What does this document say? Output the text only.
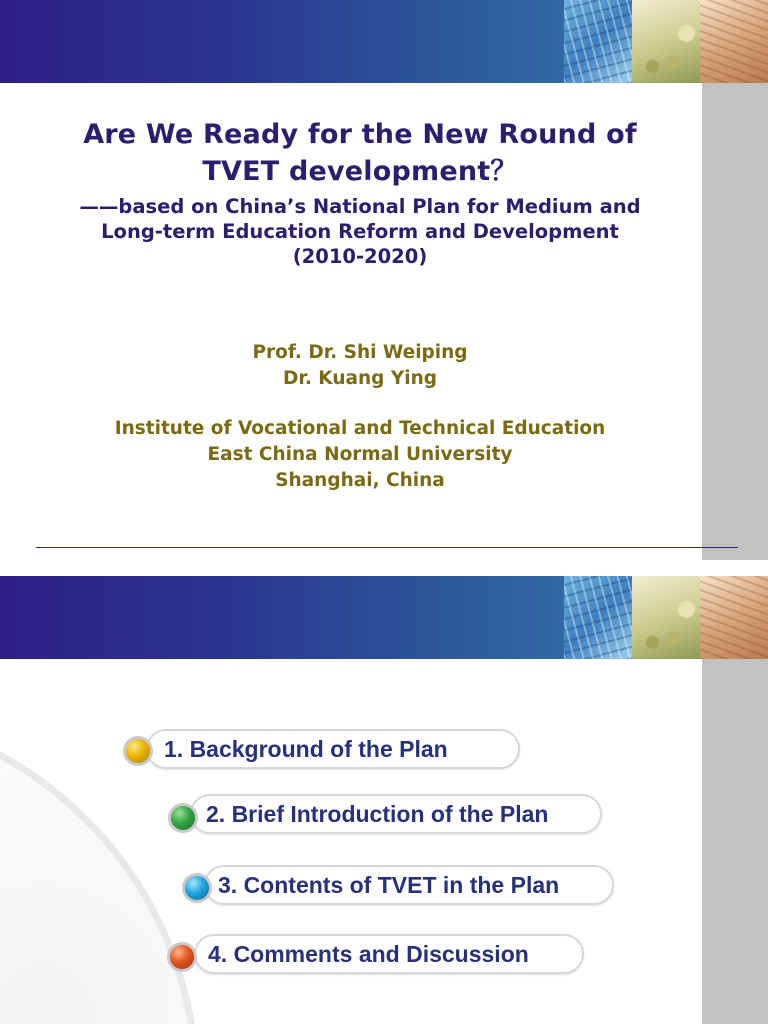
Are We Ready for the New Round of
TVET development？
——based on China’s National Plan for Medium and
Long-term Education Reform and Development
(2010-2020)
Prof. Dr. Shi Weiping
Dr. Kuang Ying
Institute of Vocational and Technical Education
East China Normal University
Shanghai, China
1. Background of the Plan
2. Brief Introduction of the Plan
3. Contents of TVET in the Plan
4. Comments and Discussion
